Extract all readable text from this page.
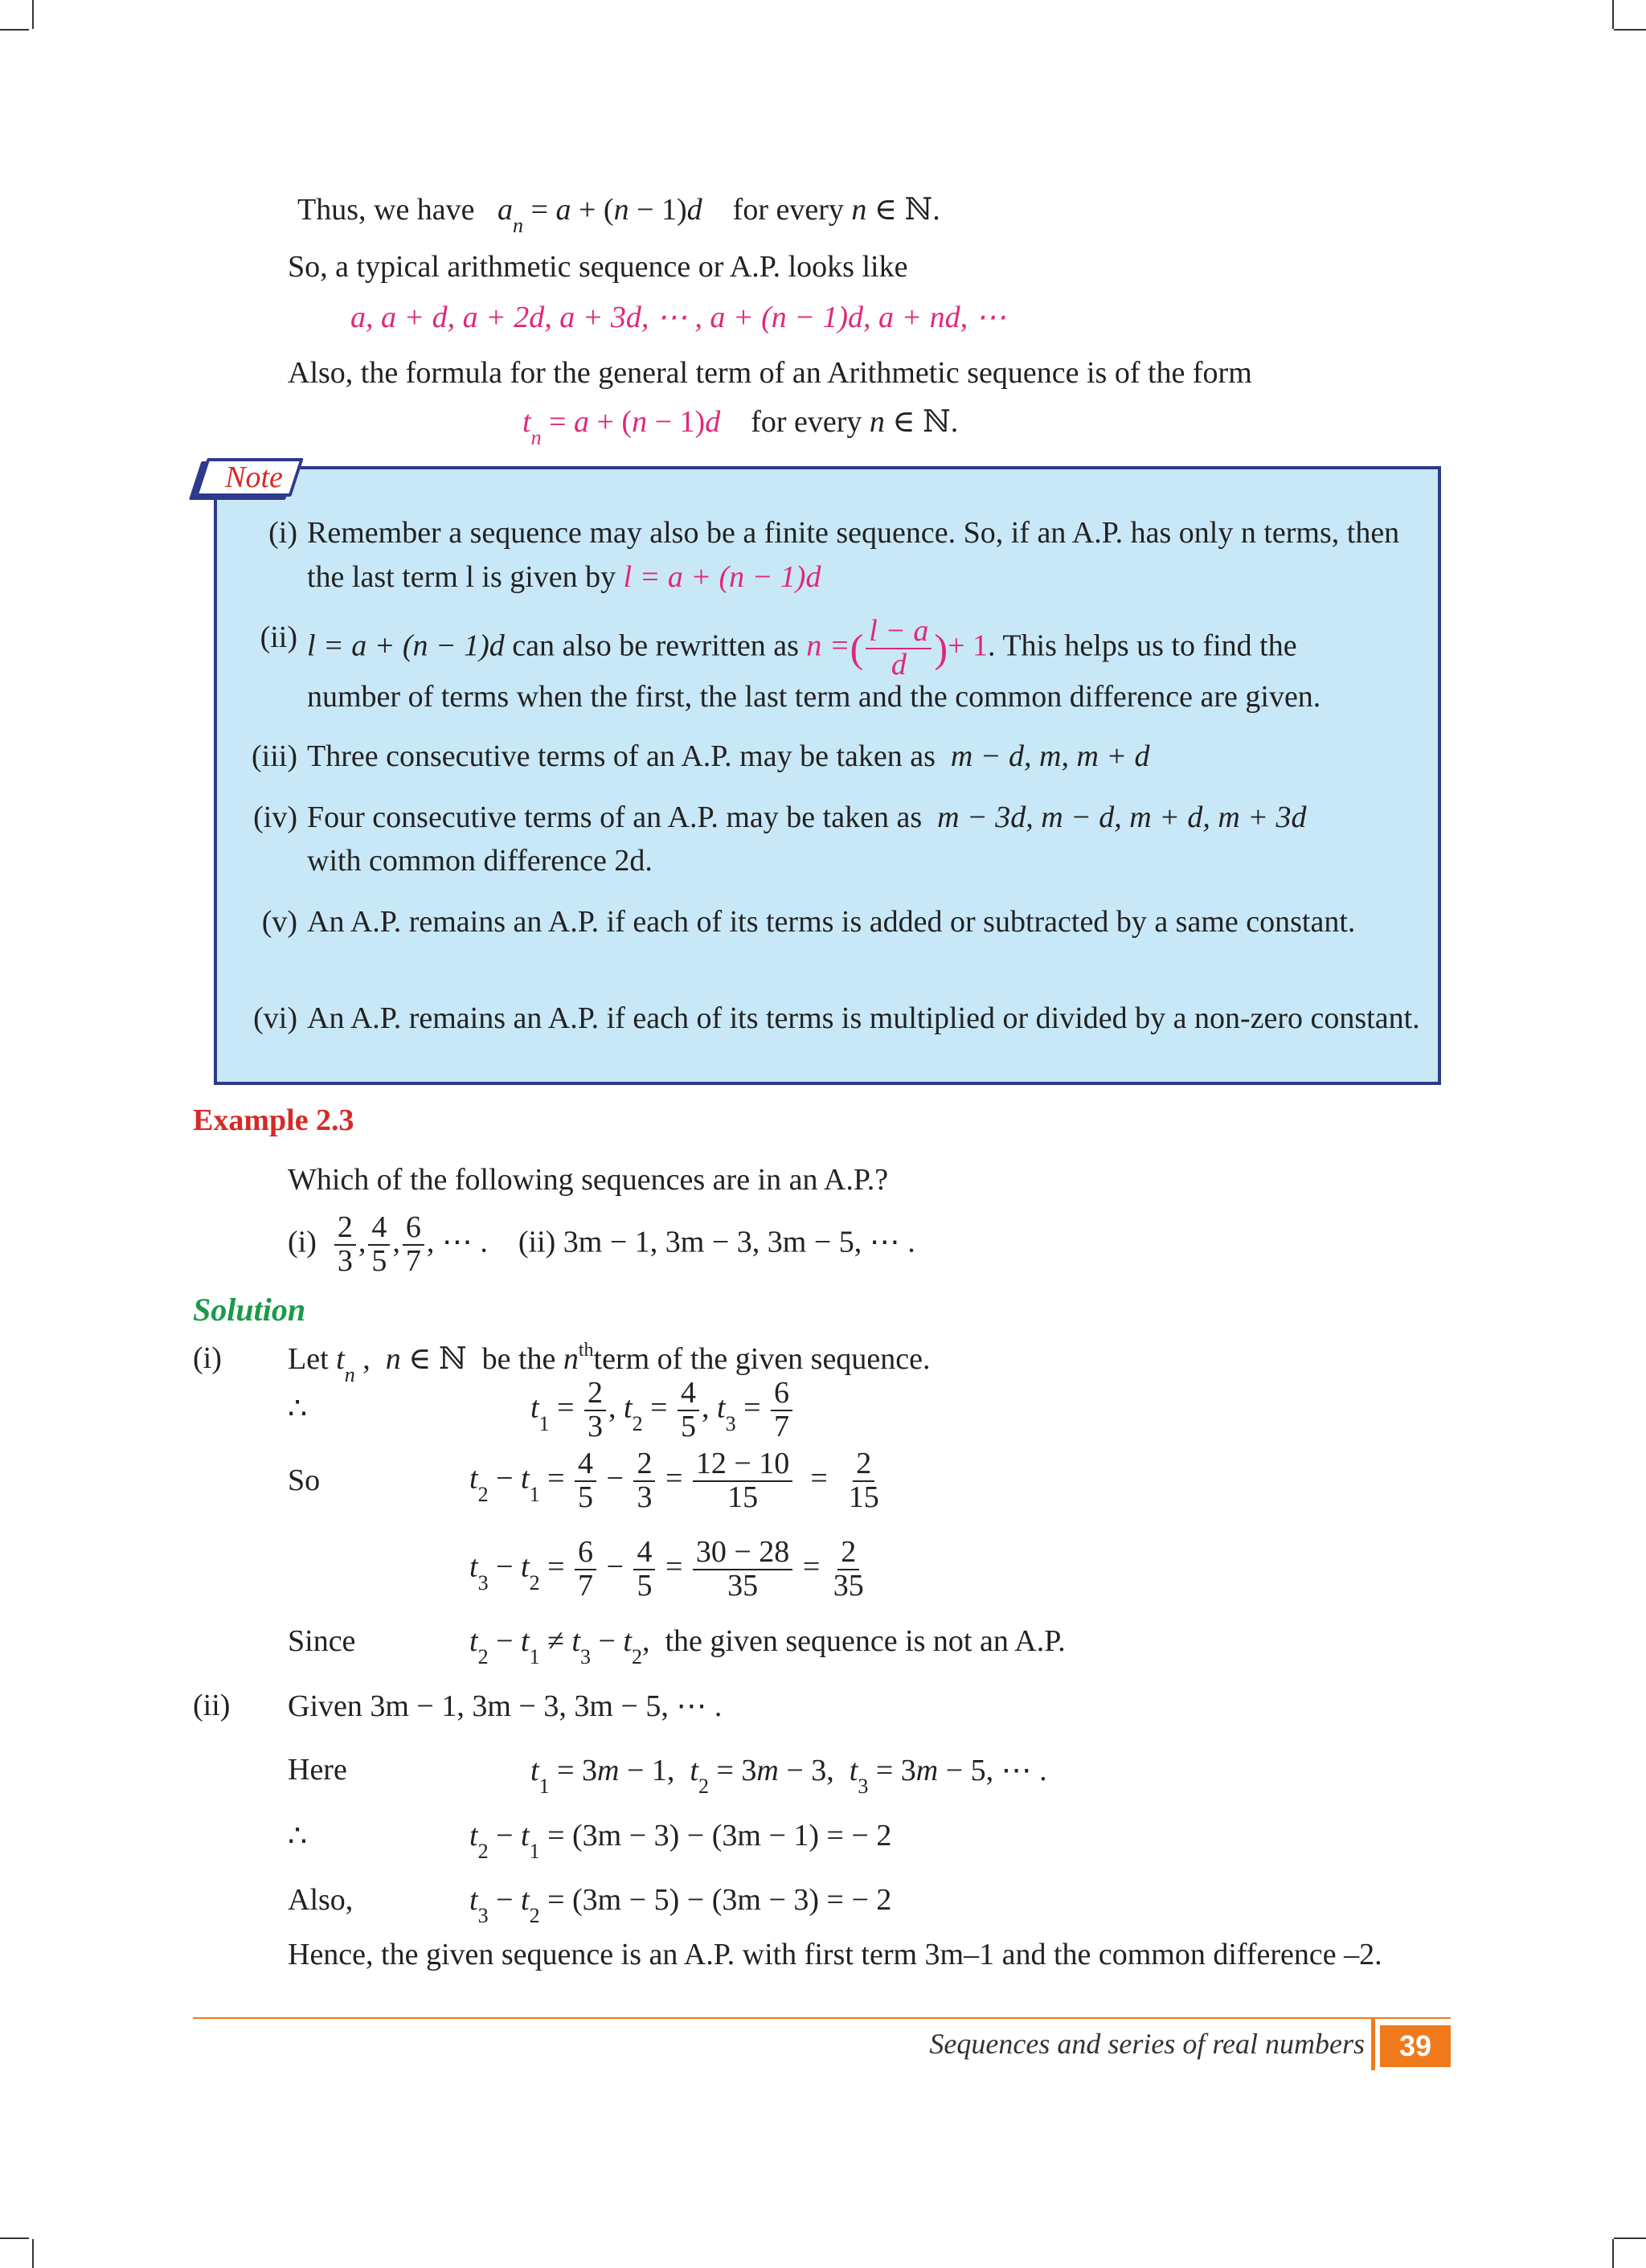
Thus, we have $a_n = a + (n - 1)d$ for every n ∈ ℕ.
So, a typical arithmetic sequence or A.P. looks like
a, a + d, a + 2d, a + 3d, ⋯ , a + (n − 1)d, a + nd, ⋯
Also, the formula for the general term of an Arithmetic sequence is of the form
$t_n = a + (n - 1)d$ for every n ∈ ℕ.
Note
(i) Remember a sequence may also be a finite sequence. So, if an A.P. has only n terms, then the last term l is given by l = a + (n − 1)d
(ii) l = a + (n − 1)d can also be rewritten as n =( $\frac{l - a}{d}$ )+ 1. This helps us to find the
number of terms when the first, the last term and the common difference are given.
(iii) Three consecutive terms of an A.P. may be taken as m − d, m, m + d
(iv) Four consecutive terms of an A.P. may be taken as m − 3d, m − d, m + d, m + 3d
with common difference 2d.
(v) An A.P. remains an A.P. if each of its terms is added or subtracted by a same constant.
(vi) An A.P. remains an A.P. if each of its terms is multiplied or divided by a non-zero constant.
Example 2.3
Which of the following sequences are in an A.P.?
$(i) \frac{2}{3}$ , $\frac{4}{5}$ , $\frac{6}{7}$ , ⋯ .    (ii) 3m − 1, 3m − 3, 3m − 5, ⋯ .
Solution
(i) Let $t_n$ ,  n ∈ ℕ  be the $n^{th}term$ of the given sequence.
∴	$t_1 = \frac{2}{3}$ , $t_2 = \frac{4}{5}$ , $t_3 = \frac{6}{7}$
So	$t_2 - t_1 = \frac{4}{5} - \frac{2}{3} = \frac{12 - 10}{15} = \frac{2}{15}$
$t_3 - t_2 = \frac{6}{7} - \frac{4}{5} = \frac{30 - 28}{35} = \frac{2}{35}$
Since	$t_2 - t_1 \ne t_3 - t_2$,  the given sequence is not an A.P.
(ii) Given 3m − 1, 3m − 3, 3m − 5, ⋯ .
Here	$t_1 = 3m - 1$,  $t_2 = 3m - 3$,  $t_3 = 3m - 5$, ⋯ .
∴	$t_2 - t_1 = (3m - 3) - (3m - 1)$ = − 2
Also,	$t_3 - t_2 = (3m - 5) - (3m - 3)$ = − 2
Hence, the given sequence is an A.P. with first term 3m–1 and the common difference –2.
Sequences and series of real numbers	39
